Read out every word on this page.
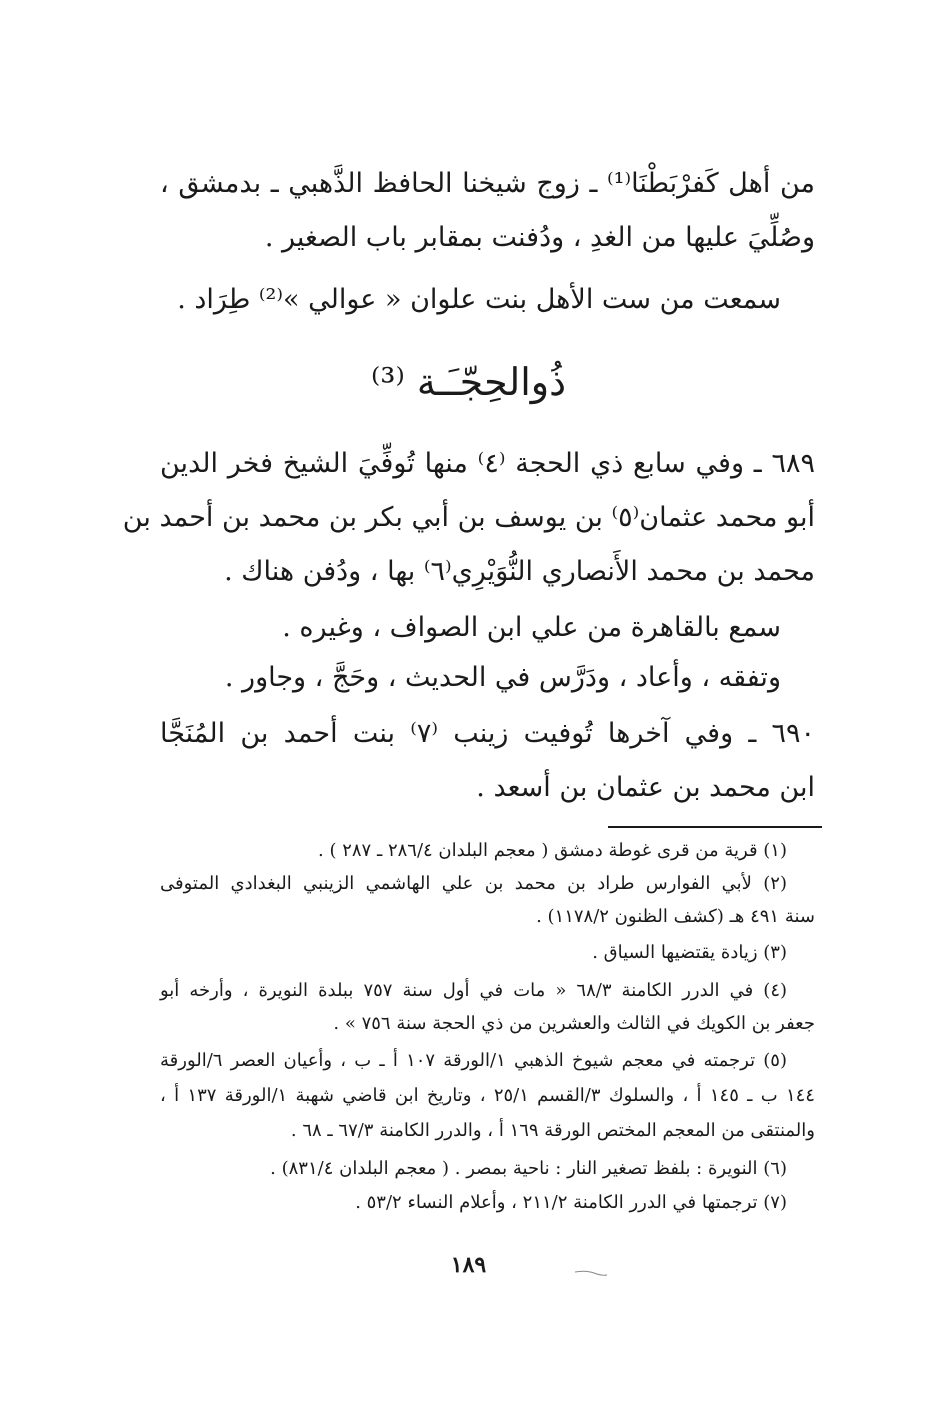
من أهل كَفرْبَطْنَا⁽¹⁾ ـ زوج شيخنا الحافظ الذَّهبي ـ بدمشق ،
وصُلِّيَ عليها من الغدِ ، ودُفنت بمقابر باب الصغير .
سمعت من ست الأهل بنت علوان « عوالي »⁽²⁾ طِرَاد .
ذُوالحِجّـَـة ⁽³⁾
٦٨٩ ـ وفي سابع ذي الحجة ⁽٤⁾ منها تُوفِّيَ الشيخ فخر الدين
أبو محمد عثمان⁽٥⁾ بن يوسف بن أبي بكر بن محمد بن أحمد بن
محمد بن محمد الأَنصاري النُّوَيْرِي⁽٦⁾ بها ، ودُفن هناك .
سمع بالقاهرة من علي ابن الصواف ، وغيره .
وتفقه ، وأعاد ، ودَرَّس في الحديث ، وحَجَّ ، وجاور .
٦٩٠ ـ وفي آخرها تُوفيت زينب ⁽٧⁾ بنت أحمد بن المُنَجَّا
ابن محمد بن عثمان بن أسعد .
(١) قرية من قرى غوطة دمشق ( معجم البلدان ٢٨٦/٤ ـ ٢٨٧ ) .
(٢) لأبي الفوارس طراد بن محمد بن علي الهاشمي الزينبي البغدادي المتوفى
سنة ٤٩١ هـ (كشف الظنون ١١٧٨/٢) .
(٣) زيادة يقتضيها السياق .
(٤) في الدرر الكامنة ٦٨/٣ « مات في أول سنة ٧٥٧ ببلدة النويرة ، وأرخه أبو
جعفر بن الكويك في الثالث والعشرين من ذي الحجة سنة ٧٥٦ » .
(٥) ترجمته في معجم شيوخ الذهبي ١/الورقة ١٠٧ أ ـ ب ، وأعيان العصر ٦/الورقة
١٤٤ ب ـ ١٤٥ أ ، والسلوك ٣/القسم ٢٥/١ ، وتاريخ ابن قاضي شهبة ١/الورقة ١٣٧ أ ،
والمنتقى من المعجم المختص الورقة ١٦٩ أ ، والدرر الكامنة ٦٧/٣ ـ ٦٨ .
(٦) النويرة : بلفظ تصغير النار : ناحية بمصر . ( معجم البلدان ٨٣١/٤) .
(٧) ترجمتها في الدرر الكامنة ٢١١/٢ ، وأعلام النساء ٥٣/٢ .
١٨٩
